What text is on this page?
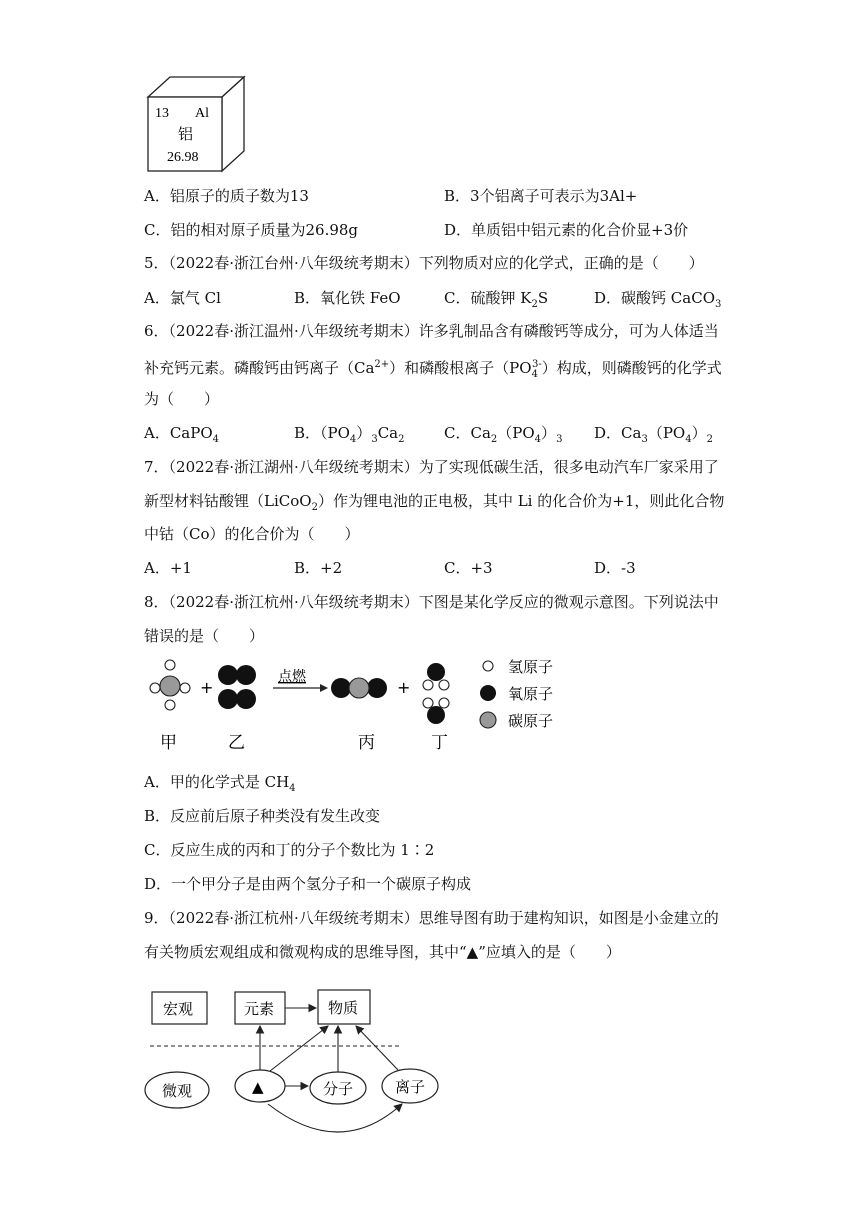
13 Al
铝
26.98
A．铝原子的质子数为13	B．3个铝离子可表示为3Al+
C．铝的相对原子质量为26.98g	D．单质铝中铝元素的化合价显+3价
5．（2022春·浙江台州·八年级统考期末）下列物质对应的化学式，正确的是（　　）
A．氯气 Cl	B．氧化铁 FeO	C．硫酸钾 $K_2S$	D．碳酸钙 CaCO$_3$
6．（2022春·浙江温州·八年级统考期末）许多乳制品含有磷酸钙等成分，可为人体适当
补充钙元素。磷酸钙由钙离子$(Ca^{2+})$和磷酸根离子$(PO_4^{3-})$构成，则磷酸钙的化学式
为（　　）
A．CaPO$_4$	B．$(PO_4)_3Ca_2$	C．$Ca_2(PO_4)_3$ D．$Ca_3(PO_4)_2$
7．（2022春·浙江湖州·八年级统考期末）为了实现低碳生活，很多电动汽车厂家采用了
新型材料钴酸锂（LiCoO$_2$）作为锂电池的正电极，其中 Li 的化合价为+1，则此化合物
中钴（Co）的化合价为（　　）
A．+1	B．+2	C．+3	D．-3
8．（2022春·浙江杭州·八年级统考期末）下图是某化学反应的微观示意图。下列说法中
错误的是（　　）
+
点燃
+
甲	乙	丙	丁
氢原子
氧原子
碳原子
A．甲的化学式是 $CH_4$
B．反应前后原子种类没有发生改变
C．反应生成的丙和丁的分子个数比为 1∶2
D．一个甲分子是由两个氢分子和一个碳原子构成
9．（2022春·浙江杭州·八年级统考期末）思维导图有助于建构知识，如图是小金建立的
有关物质宏观组成和微观构成的思维导图，其中“▲”应填入的是（　　）
宏观	元素	物质
微观	▲	分子	离子
